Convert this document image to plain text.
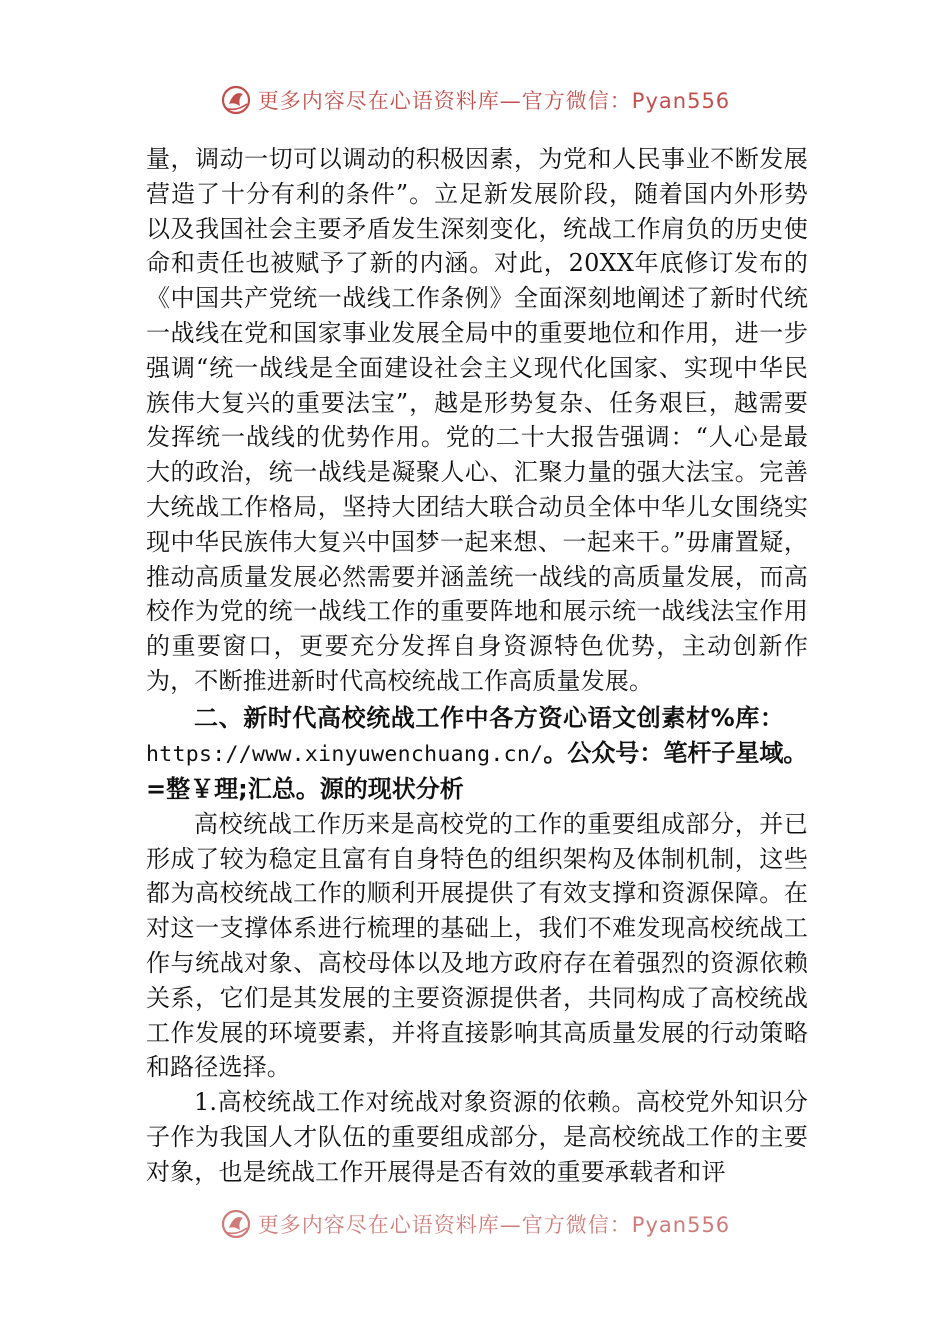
更多内容尽在心语资料库—官方微信：Pyan556

量，调动一切可以调动的积极因素，为党和人民事业不断发展营造了十分有利的条件”。立足新发展阶段，随着国内外形势以及我国社会主要矛盾发生深刻变化，统战工作肩负的历史使命和责任也被赋予了新的内涵。对此，20XX年底修订发布的《中国共产党统一战线工作条例》全面深刻地阐述了新时代统一战线在党和国家事业发展全局中的重要地位和作用，进一步强调“统一战线是全面建设社会主义现代化国家、实现中华民族伟大复兴的重要法宝”，越是形势复杂、任务艰巨，越需要发挥统一战线的优势作用。党的二十大报告强调：“人心是最大的政治，统一战线是凝聚人心、汇聚力量的强大法宝。完善大统战工作格局，坚持大团结大联合动员全体中华儿女围绕实现中华民族伟大复兴中国梦一起来想、一起来干。”毋庸置疑，推动高质量发展必然需要并涵盖统一战线的高质量发展，而高校作为党的统一战线工作的重要阵地和展示统一战线法宝作用的重要窗口，更要充分发挥自身资源特色优势，主动创新作为，不断推进新时代高校统战工作高质量发展。

二、新时代高校统战工作中各方资心语文创素材%库：
https://www.xinyuwenchuang.cn/。公众号：笔杆子星域。
=整￥理;汇总。源的现状分析

高校统战工作历来是高校党的工作的重要组成部分，并已形成了较为稳定且富有自身特色的组织架构及体制机制，这些都为高校统战工作的顺利开展提供了有效支撑和资源保障。在对这一支撑体系进行梳理的基础上，我们不难发现高校统战工作与统战对象、高校母体以及地方政府存在着强烈的资源依赖关系，它们是其发展的主要资源提供者，共同构成了高校统战工作发展的环境要素，并将直接影响其高质量发展的行动策略和路径选择。

1.高校统战工作对统战对象资源的依赖。高校党外知识分子作为我国人才队伍的重要组成部分，是高校统战工作的主要对象，也是统战工作开展得是否有效的重要承载者和评

更多内容尽在心语资料库—官方微信：Pyan556
